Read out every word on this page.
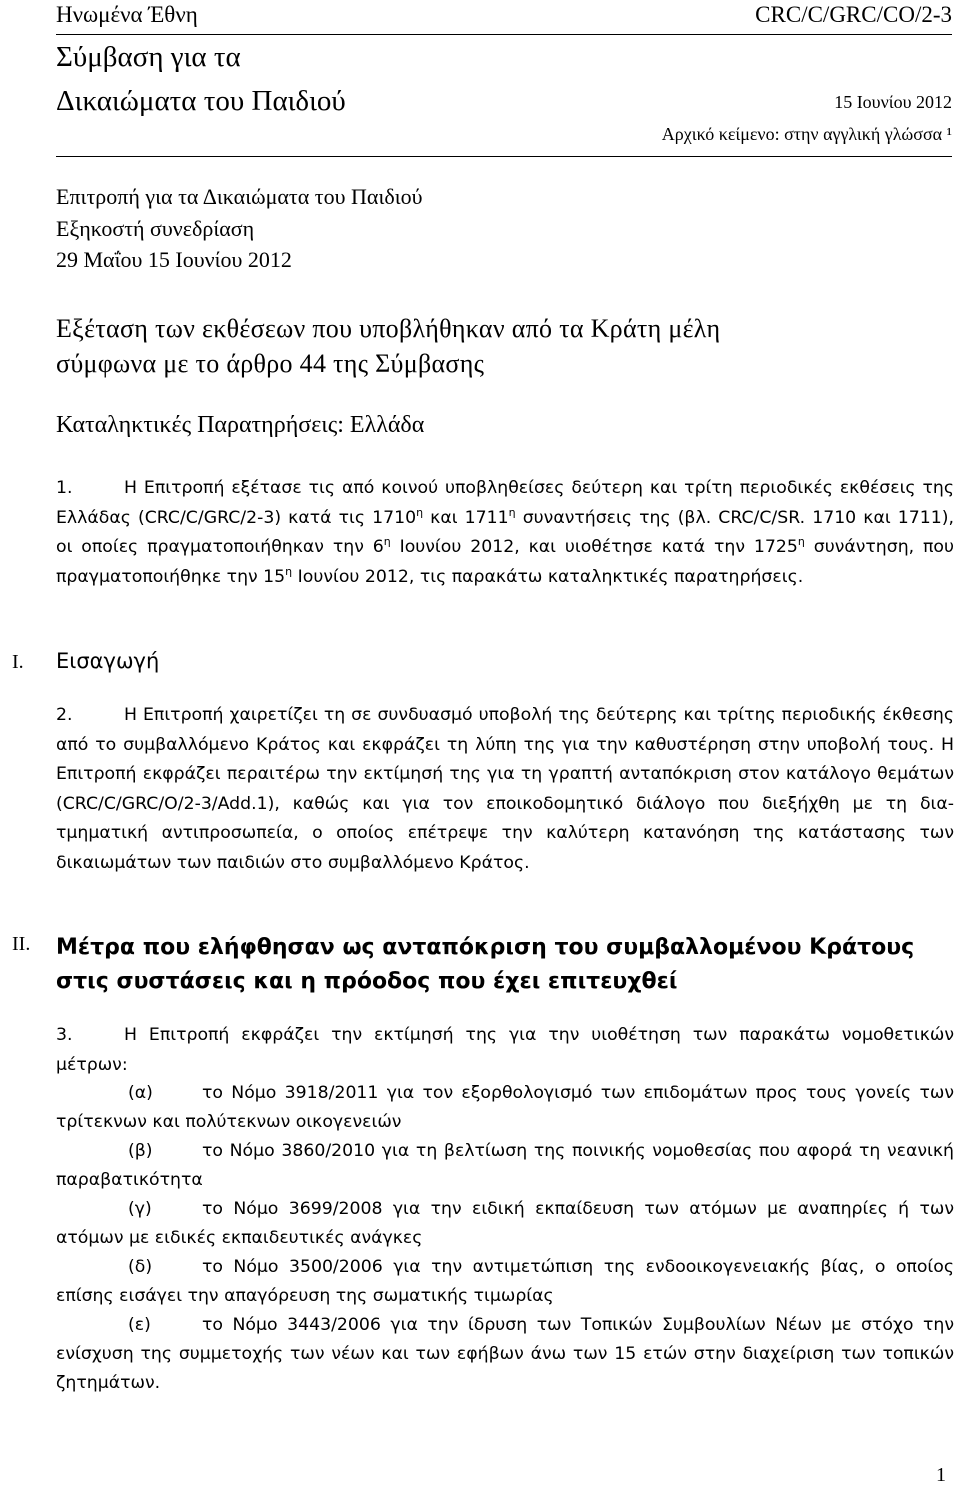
Ηνωμένα Έθνη	CRC/C/GRC/CO/2-3
Σύμβαση για τα
Δικαιώματα του Παιδιού	15 Ιουνίου 2012
Αρχικό κείμενο: στην αγγλική γλώσσα ¹
Επιτροπή για τα Δικαιώματα του Παιδιού
Εξηκοστή συνεδρίαση
29 Μαΐου 15 Ιουνίου 2012
Εξέταση των εκθέσεων που υποβλήθηκαν από τα Κράτη μέλη
σύμφωνα με το άρθρο 44 της Σύμβασης
Καταληκτικές Παρατηρήσεις: Ελλάδα
1.	Η Επιτροπή εξέτασε τις από κοινού υποβληθείσες δεύτερη και τρίτη περιοδικές εκθέσεις της Ελλάδας (CRC/C/GRC/2-3) κατά τις $1710^\eta$ και $1711^\eta$ συναντήσεις της (βλ. CRC/C/SR. 1710 και 1711), οι οποίες πραγματοποιήθηκαν την $6^\eta$ Ιουνίου 2012, και υιοθέτησε κατά την $1725^\eta$ συνάντηση, που πραγματοποιήθηκε την $15^\eta$ Ιουνίου 2012, τις παρακάτω καταληκτικές παρατηρήσεις.
I. Εισαγωγή
2.	Η Επιτροπή χαιρετίζει τη σε συνδυασμό υποβολή της δεύτερης και τρίτης περιοδικής έκθεσης από το συμβαλλόμενο Κράτος και εκφράζει τη λύπη της για την καθυστέρηση στην υποβολή τους. Η Επιτροπή εκφράζει περαιτέρω την εκτίμησή της για τη γραπτή ανταπόκριση στον κατάλογο θεμάτων (CRC/C/GRC/O/2-3/Add.1), καθώς και για τον εποικοδομητικό διάλογο που διεξήχθη με τη δια-τμηματική αντιπροσωπεία, ο οποίος επέτρεψε την καλύτερη κατανόηση της κατάστασης των δικαιωμάτων των παιδιών στο συμβαλλόμενο Κράτος.
II. Μέτρα που ελήφθησαν ως ανταπόκριση του συμβαλλομένου Κράτους
στις συστάσεις και η πρόοδος που έχει επιτευχθεί
3.	Η Επιτροπή εκφράζει την εκτίμησή της για την υιοθέτηση των παρακάτω νομοθετικών μέτρων:
(α)	το Νόμο 3918/2011 για τον εξορθολογισμό των επιδομάτων προς τους γονείς των τρίτεκνων και πολύτεκνων οικογενειών
(β)	το Νόμο 3860/2010 για τη βελτίωση της ποινικής νομοθεσίας που αφορά τη νεανική παραβατικότητα
(γ)	το Νόμο 3699/2008 για την ειδική εκπαίδευση των ατόμων με αναπηρίες ή των ατόμων με ειδικές εκπαιδευτικές ανάγκες
(δ)	το Νόμο 3500/2006 για την αντιμετώπιση της ενδοοικογενειακής βίας, ο οποίος επίσης εισάγει την απαγόρευση της σωματικής τιμωρίας
(ε)	το Νόμο 3443/2006 για την ίδρυση των Τοπικών Συμβουλίων Νέων με στόχο την ενίσχυση της συμμετοχής των νέων και των εφήβων άνω των 15 ετών στην διαχείριση των τοπικών ζητημάτων.
1
